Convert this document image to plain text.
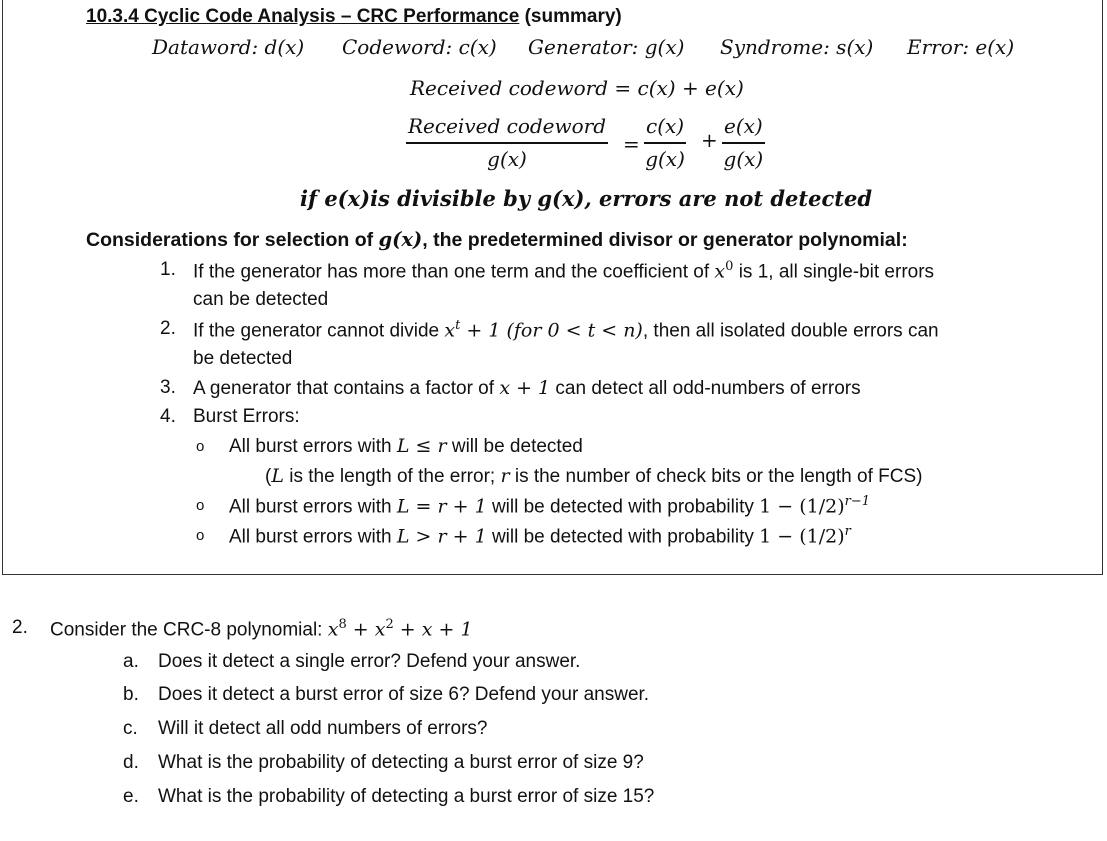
10.3.4 Cyclic Code Analysis – CRC Performance (summary)
Dataword: d(x) Codeword: c(x) Generator: g(x) Syndrome: s(x) Error: e(x)
Received codeword = c(x) + e(x)
Received codeword
g(x)
=
c(x)
g(x)
+
e(x)
g(x)
if e(x)is divisible by g(x), errors are not detected
Considerations for selection of g(x), the predetermined divisor or generator polynomial:
1. If the generator has more than one term and the coefficient of $x^0$ is 1, all single-bit errors
can be detected
2. If the generator cannot divide $x^t + 1$ (for 0 < t < n), then all isolated double errors can
be detected
3. A generator that contains a factor of x + 1 can detect all odd-numbers of errors
4. Burst Errors:
o All burst errors with L ≤ r will be detected
(L is the length of the error; r is the number of check bits or the length of FCS)
o All burst errors with L = r + 1 will be detected with probability $1 - (1/2)^{r-1}$
o All burst errors with L > r + 1 will be detected with probability $1 - (1/2)^r$
2. Consider the CRC-8 polynomial: $x^8 + x^2 + x + 1$
a. Does it detect a single error? Defend your answer.
b. Does it detect a burst error of size 6? Defend your answer.
c. Will it detect all odd numbers of errors?
d. What is the probability of detecting a burst error of size 9?
e. What is the probability of detecting a burst error of size 15?
